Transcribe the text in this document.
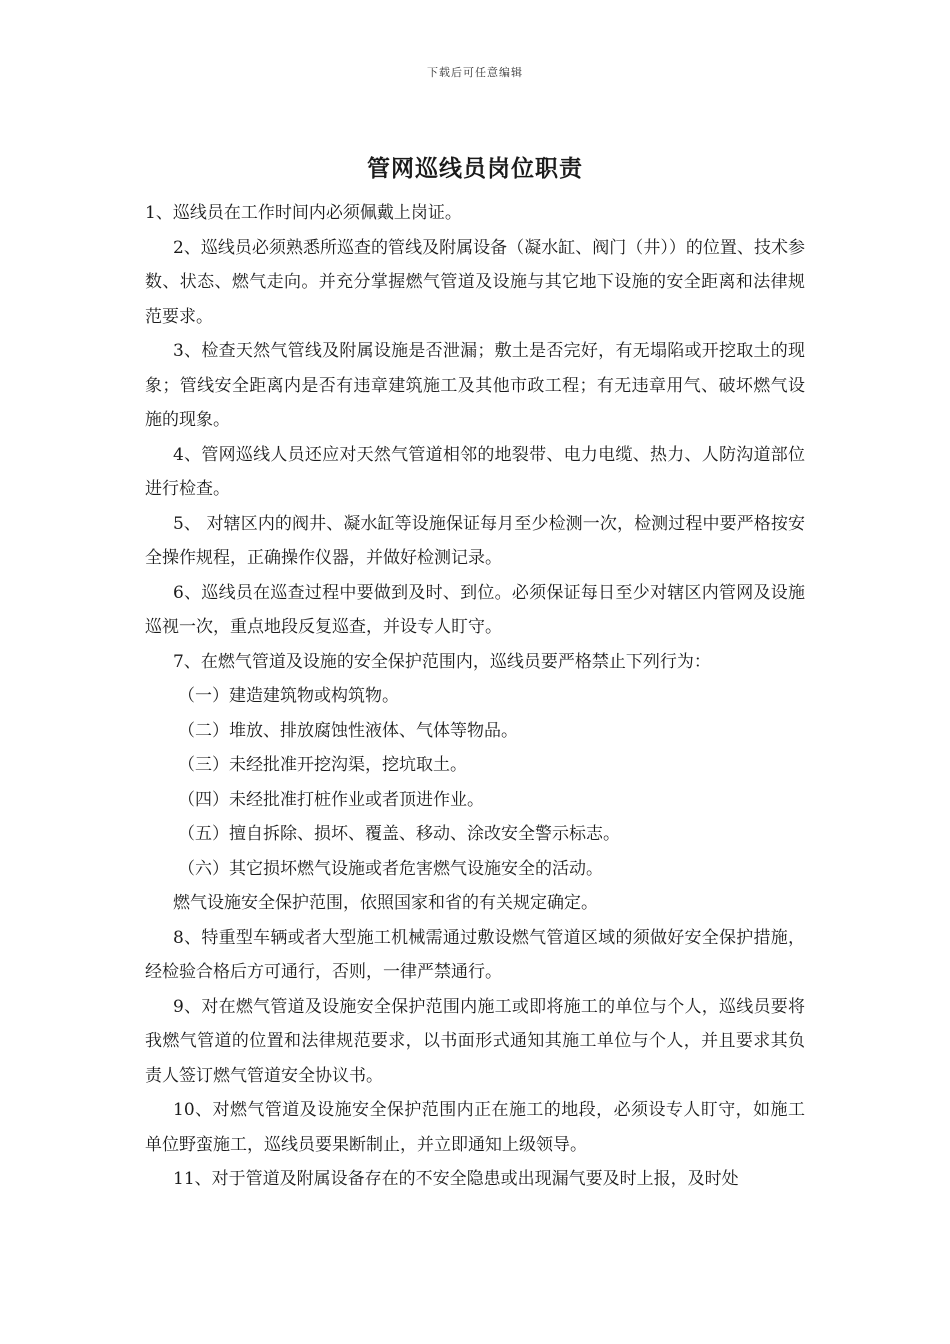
下载后可任意编辑
管网巡线员岗位职责

1、巡线员在工作时间内必须佩戴上岗证。

2、巡线员必须熟悉所巡查的管线及附属设备（凝水缸、阀门（井））的位置、技术参数、状态、燃气走向。并充分掌握燃气管道及设施与其它地下设施的安全距离和法律规范要求。

3、检查天然气管线及附属设施是否泄漏；敷土是否完好，有无塌陷或开挖取土的现象；管线安全距离内是否有违章建筑施工及其他市政工程；有无违章用气、破坏燃气设施的现象。

4、管网巡线人员还应对天然气管道相邻的地裂带、电力电缆、热力、人防沟道部位进行检查。

5、 对辖区内的阀井、凝水缸等设施保证每月至少检测一次，检测过程中要严格按安全操作规程，正确操作仪器，并做好检测记录。

6、巡线员在巡查过程中要做到及时、到位。必须保证每日至少对辖区内管网及设施巡视一次，重点地段反复巡查，并设专人盯守。

7、在燃气管道及设施的安全保护范围内，巡线员要严格禁止下列行为：

（一）建造建筑物或构筑物。

（二）堆放、排放腐蚀性液体、气体等物品。

（三）未经批准开挖沟渠，挖坑取土。

（四）未经批准打桩作业或者顶进作业。

（五）擅自拆除、损坏、覆盖、移动、涂改安全警示标志。

（六）其它损坏燃气设施或者危害燃气设施安全的活动。

燃气设施安全保护范围，依照国家和省的有关规定确定。

8、特重型车辆或者大型施工机械需通过敷设燃气管道区域的须做好安全保护措施，经检验合格后方可通行，否则，一律严禁通行。

9、对在燃气管道及设施安全保护范围内施工或即将施工的单位与个人，巡线员要将我燃气管道的位置和法律规范要求，以书面形式通知其施工单位与个人，并且要求其负责人签订燃气管道安全协议书。

10、对燃气管道及设施安全保护范围内正在施工的地段，必须设专人盯守，如施工单位野蛮施工，巡线员要果断制止，并立即通知上级领导。

11、对于管道及附属设备存在的不安全隐患或出现漏气要及时上报，及时处
